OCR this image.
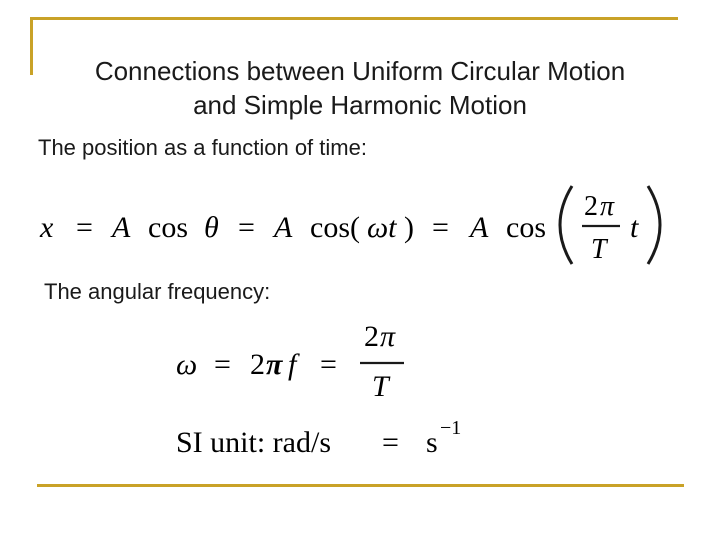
Connections between Uniform Circular Motion
and Simple Harmonic Motion
The position as a function of time:
x = A cos θ = A cos( ωt ) = A cos
2 π
T
t
The angular frequency:
ω = 2 π f =
2 π
T
SI unit: rad/s = s −1
